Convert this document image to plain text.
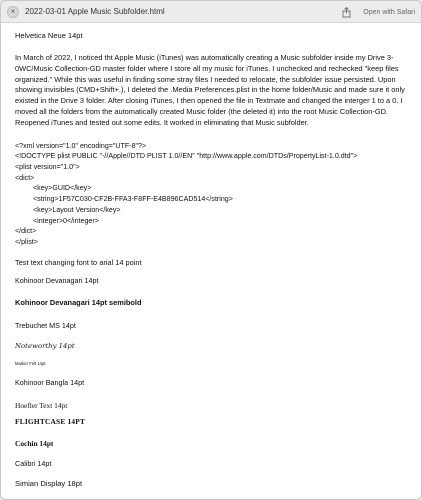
× 2022-03-01 Apple Music Subfolder.html	Open with Safari
Helvetica Neue 14pt

In March of 2022, I noticed tht Apple Music (iTunes) was automatically creating a Music subfolder inside my Drive 3-0WC/Music Collection-GD master folder where I store all my music for iTunes. I unchecked and rechecked "keep files organized." While this was useful in finding some stray files I needed to relocate, the subfolder issue persisted. Upon showing invisibles (CMD+Shift+.), I deleted the .Media Preferences.plist in the home folder/Music and made sure it only existed in the Drive 3 folder. After closing iTunes, I then opened the file in Textmate and changed the interger 1 to a 0. I moved all the folders from the automatically created Music folder (the deleted it) into the root Music Collection-GD. Reopened iTunes and tested out some edits. It worked in eliminating that Music subfolder.

<?xml version="1.0" encoding="UTF-8"?>
<!DOCTYPE plist PUBLIC "-//Apple//DTD PLIST 1.0//EN" "http://www.apple.com/DTDs/PropertyList-1.0.dtd">
<plist version="1.0">
<dict>
<key>GUID</key>
<string>1F57C030-CF2B-FFA3-F8FF-E4B896CAD514</string>
<key>Layout Version</key>
<integer>0</integer>
</dict>
</plist>
Test text changing font to arial 14 point
Kohinoor Devanagari 14pt
Kohinoor Devanagari 14pt semibold
Trebuchet MS 14pt
Noteworthy 14pt
Marker Felt 14pt
Kohinoor Bangla 14pt
Hoefler Text 14pt
FLIGHTCASE 14PT
Cochin 14pt
Calibri 14pt
Simian Display 18pt
